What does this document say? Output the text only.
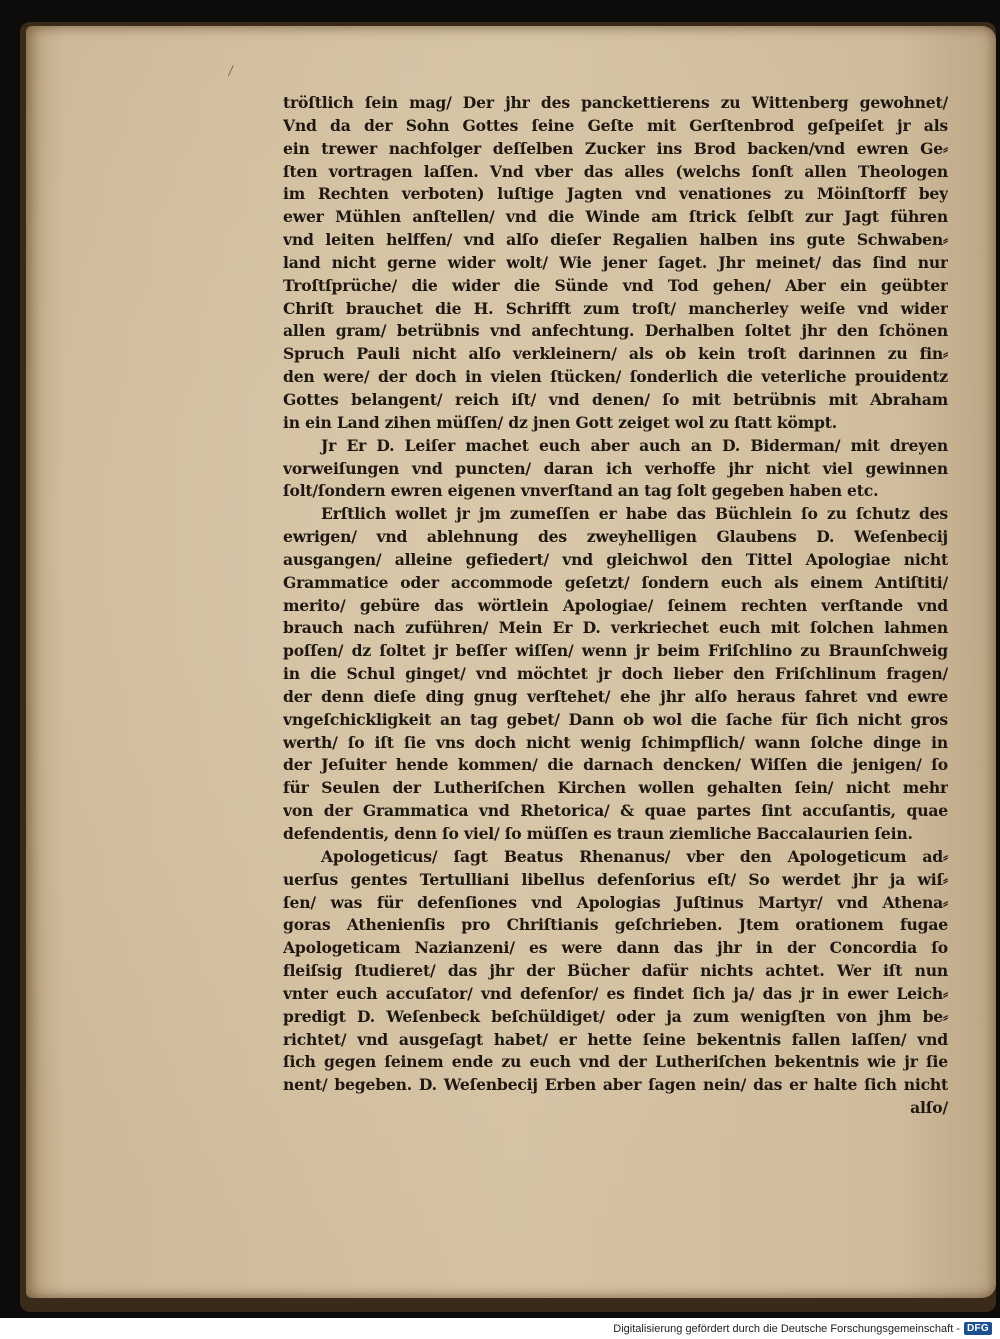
tröſtlich ſein mag/ Der jhr des panckettierens zu Wittenberg gewohnet/
Vnd da der Sohn Gottes ſeine Geſte mit Gerſtenbrod geſpeiſet jr als
ein trewer nachfolger deſſelben Zucker ins Brod backen/vnd ewren Ge⸗
ſten vortragen laſſen. Vnd vber das alles (welchs ſonſt allen Theologen
im Rechten verboten) luſtige Jagten vnd venationes zu Möinſtorff bey
ewer Mühlen anſtellen/ vnd die Winde am ſtrick ſelbſt zur Jagt führen
vnd leiten helffen/ vnd alſo dieſer Regalien halben ins gute Schwaben⸗
land nicht gerne wider wolt/ Wie jener ſaget. Jhr meinet/ das ſind nur
Troſtſprüche/ die wider die Sünde vnd Tod gehen/ Aber ein geübter
Chriſt brauchet die H. Schrifft zum troſt/ mancherley weiſe vnd wider
allen gram/ betrübnis vnd anfechtung. Derhalben ſoltet jhr den ſchönen
Spruch Pauli nicht alſo verkleinern/ als ob kein troſt darinnen zu fin⸗
den were/ der doch in vielen ſtücken/ ſonderlich die veterliche prouidentz
Gottes belangent/ reich iſt/ vnd denen/ ſo mit betrübnis mit Abraham
in ein Land zihen müſſen/ dz jnen Gott zeiget wol zu ſtatt kömpt.
Jr Er D. Leiſer machet euch aber auch an D. Biderman/ mit dreyen
vorweiſungen vnd puncten/ daran ich verhoffe jhr nicht viel gewinnen
ſolt/ſondern ewren eigenen vnverſtand an tag ſolt gegeben haben etc.
Erſtlich wollet jr jm zumeſſen er habe das Büchlein ſo zu ſchutz des
ewrigen/ vnd ablehnung des zweyhelligen Glaubens D. Weſenbecij
ausgangen/ alleine gefiedert/ vnd gleichwol den Tittel Apologiae nicht
Grammatice oder accommode geſetzt/ ſondern euch als einem Antiſtiti/
merito/ gebüre das wörtlein Apologiae/ ſeinem rechten verſtande vnd
brauch nach zuführen/ Mein Er D. verkriechet euch mit ſolchen lahmen
poſſen/ dz ſoltet jr beſſer wiſſen/ wenn jr beim Friſchlino zu Braunſchweig
in die Schul ginget/ vnd möchtet jr doch lieber den Friſchlinum fragen/
der denn dieſe ding gnug verſtehet/ ehe jhr alſo heraus fahret vnd ewre
vngeſchickligkeit an tag gebet/ Dann ob wol die ſache für ſich nicht gros
werth/ ſo iſt ſie vns doch nicht wenig ſchimpflich/ wann ſolche dinge in
der Jeſuiter hende kommen/ die darnach dencken/ Wiſſen die jenigen/ ſo
für Seulen der Lutheriſchen Kirchen wollen gehalten ſein/ nicht mehr
von der Grammatica vnd Rhetorica/ & quae partes ſint accuſantis, quae
defendentis, denn ſo viel/ ſo müſſen es traun ziemliche Baccalaurien ſein.
Apologeticus/ ſagt Beatus Rhenanus/ vber den Apologeticum ad⸗
uerſus gentes Tertulliani libellus defenſorius eſt/ So werdet jhr ja wiſ⸗
ſen/ was für defenſiones vnd Apologias Juſtinus Martyr/ vnd Athena⸗
goras Athenienſis pro Chriſtianis geſchrieben. Jtem orationem fugae
Apologeticam Nazianzeni/ es were dann das jhr in der Concordia ſo
fleiſsig ſtudieret/ das jhr der Bücher dafür nichts achtet. Wer iſt nun
vnter euch accuſator/ vnd defenſor/ es findet ſich ja/ das jr in ewer Leich⸗
predigt D. Weſenbeck beſchüldiget/ oder ja zum wenigſten von jhm be⸗
richtet/ vnd ausgeſagt habet/ er hette ſeine bekentnis fallen laſſen/ vnd
ſich gegen ſeinem ende zu euch vnd der Lutheriſchen bekentnis wie jr ſie
nent/ begeben. D. Weſenbecij Erben aber ſagen nein/ das er halte ſich nicht
alſo/
Digitalisierung gefördert durch die Deutsche Forschungsgemeinschaft - DFG
